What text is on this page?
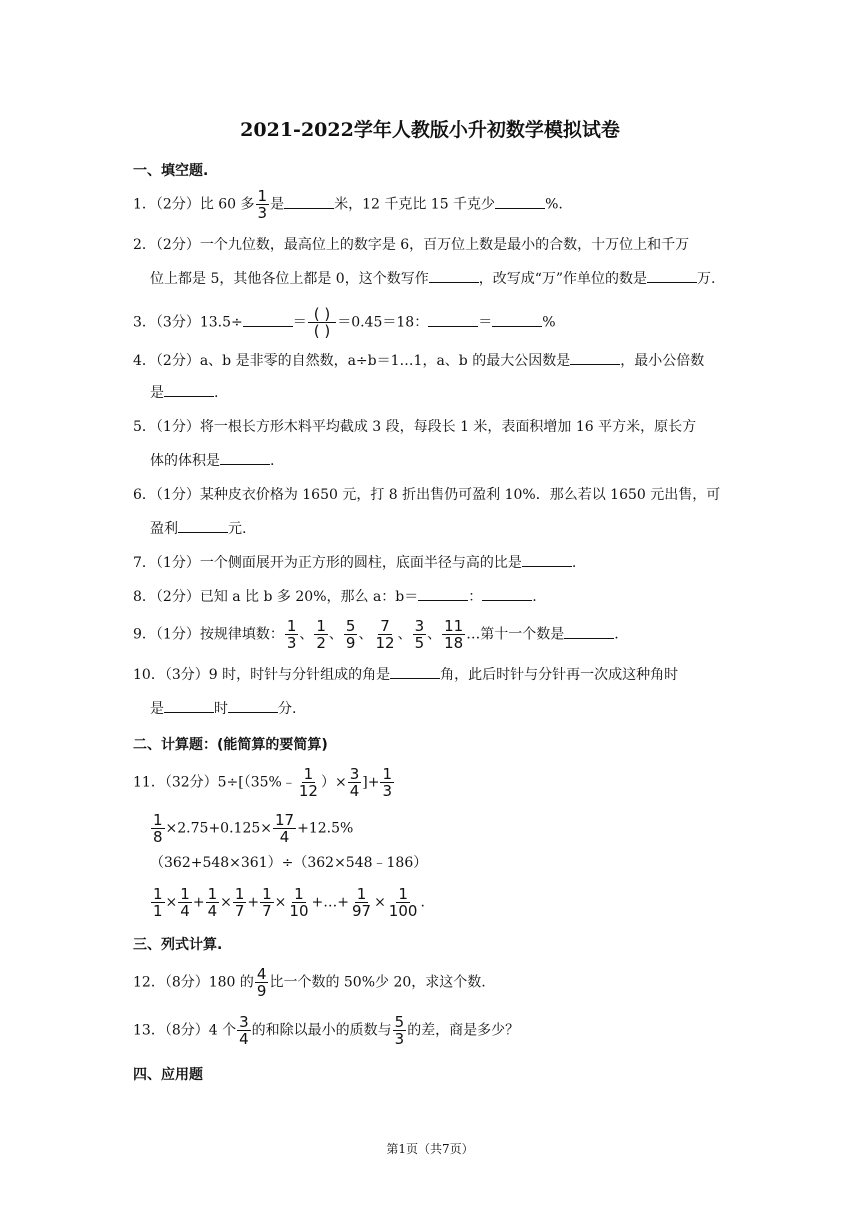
2021-2022学年人教版小升初数学模拟试卷
一、填空题.
1．（2分）比 60 多 $\frac{1}{3}$ 是	米，12 千克比 15 千克少	%.
2．（2分）一个九位数，最高位上的数字是 6，百万位上数是最小的合数，十万位上和千万
位上都是 5，其他各位上都是 0，这个数写作	，改写成“万”作单位的数是	万.
3．（3分）13.5÷	＝ $\frac{( )}{( )} =0.45=18$：	＝	%
4．（2分）a、b 是非零的自然数，a÷b＝1…1，a、b 的最大公因数是	，最小公倍数
是	.
5．（1分）将一根长方形木料平均截成 3 段，每段长 1 米，表面积增加 16 平方米，原长方
体的体积是	.
6．（1分）某种皮衣价格为 1650 元，打 8 折出售仍可盈利 10%．那么若以 1650 元出售，可
盈利	元.
7．（1分）一个侧面展开为正方形的圆柱，底面半径与高的比是	.
8．（2分）已知 a 比 b 多 20%，那么 a：b＝	：	.
9．（1分）按规律填数： $\frac{1}{3}$ 、 $\frac{1}{2}$ 、 $\frac{5}{9}$ 、 $\frac{7}{12}$ 、 $\frac{3}{5}$ 、 $\frac{11}{18}$ …第十一个数是	.
10．（3分）9 时，时针与分针组成的角是	角，此后时针与分针再一次成这种角时
是	时	分.
二、计算题：(能简算的要简算)
11．（32分）5÷[（35%﹣ $\frac{1}{12}$ ）× $\frac{3}{4}$ ]+ $\frac{1}{3}$
$\frac{1}{8} \times 2.75+0.125\times \frac{17}{4} +12.5\%$
（362+548×361）÷（362×548﹣186）
$\frac{1}{1} \times \frac{1}{4} + \frac{1}{4} \times \frac{1}{7} + \frac{1}{7} \times \frac{1}{10}$ +…+ $\frac{1}{97} \times \frac{1}{100}$ .
三、列式计算.
12．（8分）180 的 $\frac{4}{9}$ 比一个数的 50%少 20，求这个数.
13．（8分）4 个 $\frac{3}{4}$ 的和除以最小的质数与 $\frac{5}{3}$ 的差，商是多少？
四、应用题
第1页（共7页）
